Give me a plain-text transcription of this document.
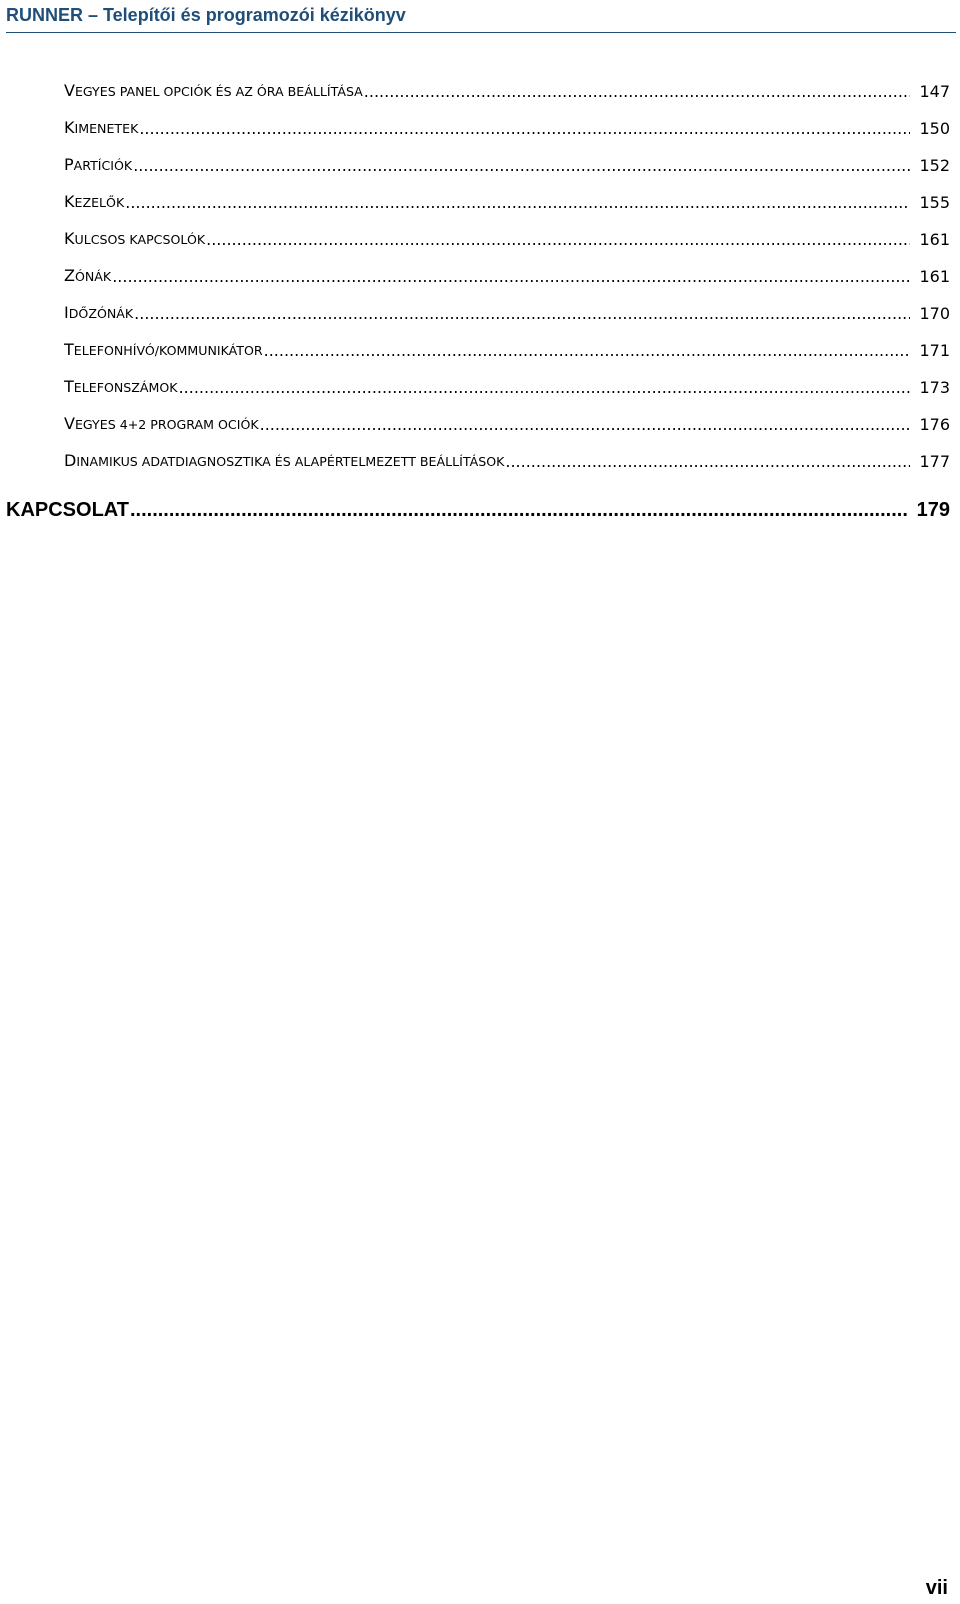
RUNNER – Telepítői és programozói kézikönyv
VEGYES PANEL OPCIÓK ÉS AZ ÓRA BEÁLLÍTÁSA .....	147
KIMENETEK .....	150
PARTÍCIÓK .....	152
KEZELŐK .....	155
KULCSOS KAPCSOLÓK .....	161
ZÓNÁK .....	161
IDŐZÓNÁK .....	170
TELEFONHÍVÓ/KOMMUNIKÁTOR .....	171
TELEFONSZÁMOK .....	173
VEGYES 4+2 PROGRAM OCIÓK .....	176
DINAMIKUS ADATDIAGNOSZTIKA ÉS ALAPÉRTELMEZETT BEÁLLÍTÁSOK .....	177
KAPCSOLAT .....	179
vii
